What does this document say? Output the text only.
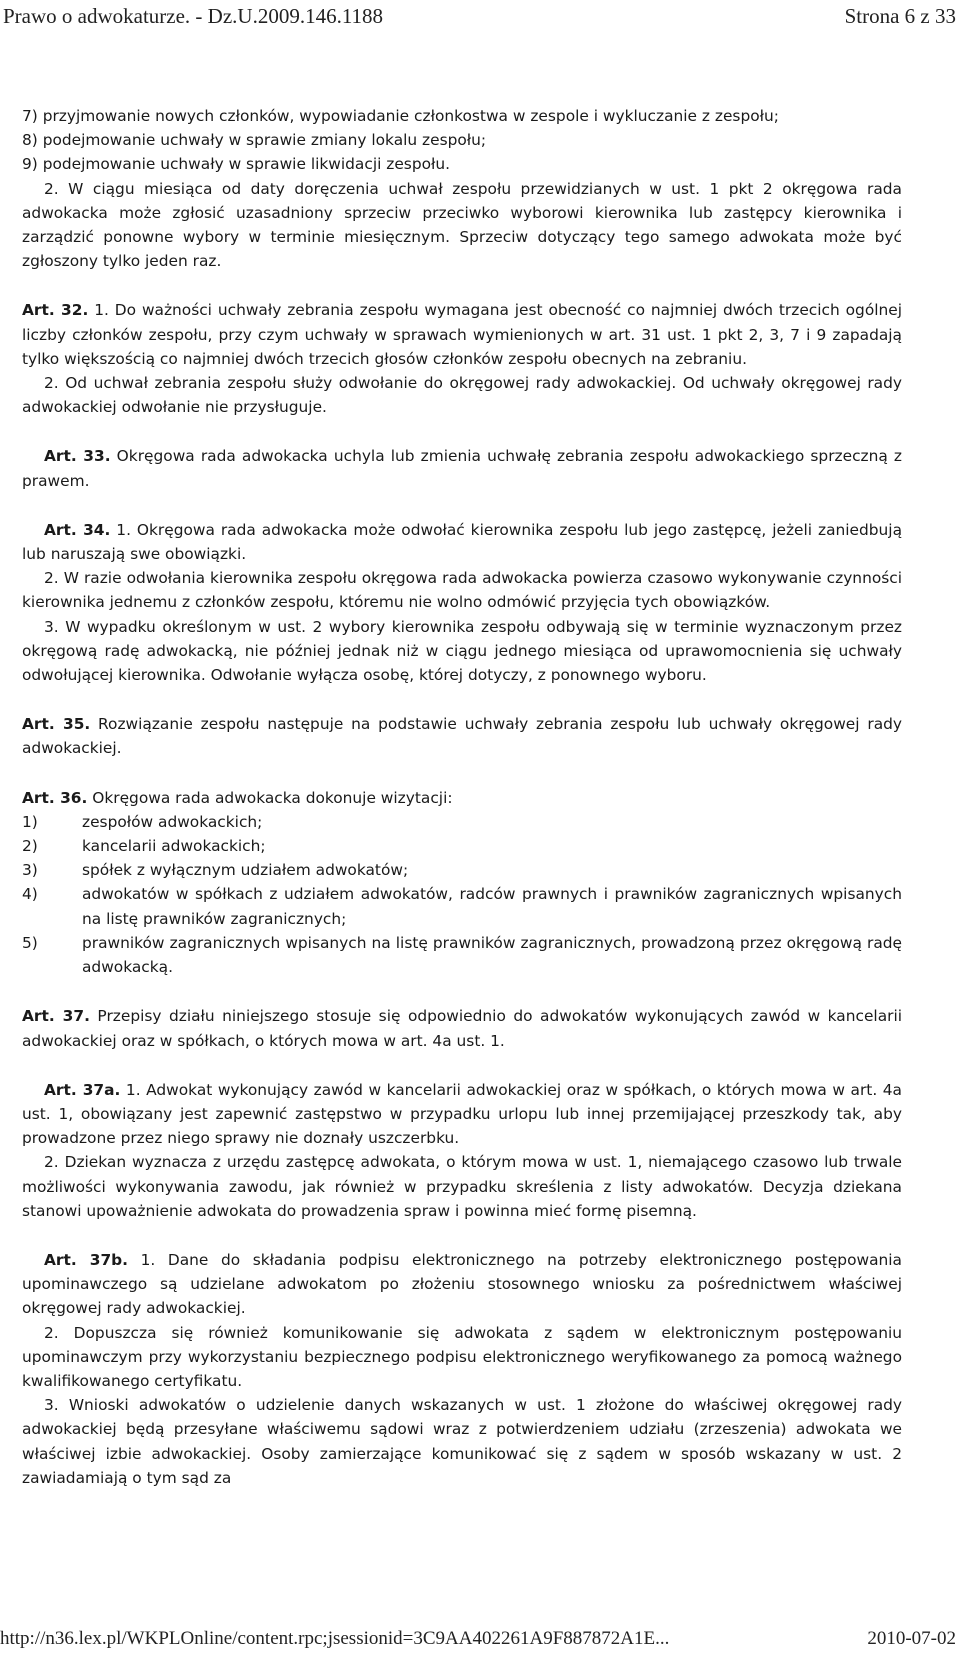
Prawo o adwokaturze. - Dz.U.2009.146.1188	Strona 6 z 33

7) przyjmowanie nowych członków, wypowiadanie członkostwa w zespole i wykluczanie z zespołu;

8) podejmowanie uchwały w sprawie zmiany lokalu zespołu;

9) podejmowanie uchwały w sprawie likwidacji zespołu.

2. W ciągu miesiąca od daty doręczenia uchwał zespołu przewidzianych w ust. 1 pkt 2 okręgowa rada adwokacka może zgłosić uzasadniony sprzeciw przeciwko wyborowi kierownika lub zastępcy kierownika i zarządzić ponowne wybory w terminie miesięcznym. Sprzeciw dotyczący tego samego adwokata może być zgłoszony tylko jeden raz.

Art. 32. 1. Do ważności uchwały zebrania zespołu wymagana jest obecność co najmniej dwóch trzecich ogólnej liczby członków zespołu, przy czym uchwały w sprawach wymienionych w art. 31 ust. 1 pkt 2, 3, 7 i 9 zapadają tylko większością co najmniej dwóch trzecich głosów członków zespołu obecnych na zebraniu.

2. Od uchwał zebrania zespołu służy odwołanie do okręgowej rady adwokackiej. Od uchwały okręgowej rady adwokackiej odwołanie nie przysługuje.

Art. 33. Okręgowa rada adwokacka uchyla lub zmienia uchwałę zebrania zespołu adwokackiego sprzeczną z prawem.

Art. 34. 1. Okręgowa rada adwokacka może odwołać kierownika zespołu lub jego zastępcę, jeżeli zaniedbują lub naruszają swe obowiązki.

2. W razie odwołania kierownika zespołu okręgowa rada adwokacka powierza czasowo wykonywanie czynności kierownika jednemu z członków zespołu, któremu nie wolno odmówić przyjęcia tych obowiązków.

3. W wypadku określonym w ust. 2 wybory kierownika zespołu odbywają się w terminie wyznaczonym przez okręgową radę adwokacką, nie później jednak niż w ciągu jednego miesiąca od uprawomocnienia się uchwały odwołującej kierownika. Odwołanie wyłącza osobę, której dotyczy, z ponownego wyboru.

Art. 35. Rozwiązanie zespołu następuje na podstawie uchwały zebrania zespołu lub uchwały okręgowej rady adwokackiej.

Art. 36. Okręgowa rada adwokacka dokonuje wizytacji:

1)	zespołów adwokackich;
2)	kancelarii adwokackich;
3)	spółek z wyłącznym udziałem adwokatów;
4)	adwokatów w spółkach z udziałem adwokatów, radców prawnych i prawników zagranicznych wpisanych na listę prawników zagranicznych;
5)	prawników zagranicznych wpisanych na listę prawników zagranicznych, prowadzoną przez okręgową radę adwokacką.

Art. 37. Przepisy działu niniejszego stosuje się odpowiednio do adwokatów wykonujących zawód w kancelarii adwokackiej oraz w spółkach, o których mowa w art. 4a ust. 1.

Art. 37a. 1. Adwokat wykonujący zawód w kancelarii adwokackiej oraz w spółkach, o których mowa w art. 4a ust. 1, obowiązany jest zapewnić zastępstwo w przypadku urlopu lub innej przemijającej przeszkody tak, aby prowadzone przez niego sprawy nie doznały uszczerbku.

2. Dziekan wyznacza z urzędu zastępcę adwokata, o którym mowa w ust. 1, niemającego czasowo lub trwale możliwości wykonywania zawodu, jak również w przypadku skreślenia z listy adwokatów. Decyzja dziekana stanowi upoważnienie adwokata do prowadzenia spraw i powinna mieć formę pisemną.

Art. 37b. 1. Dane do składania podpisu elektronicznego na potrzeby elektronicznego postępowania upominawczego są udzielane adwokatom po złożeniu stosownego wniosku za pośrednictwem właściwej okręgowej rady adwokackiej.

2. Dopuszcza się również komunikowanie się adwokata z sądem w elektronicznym postępowaniu upominawczym przy wykorzystaniu bezpiecznego podpisu elektronicznego weryfikowanego za pomocą ważnego kwalifikowanego certyfikatu.

3. Wnioski adwokatów o udzielenie danych wskazanych w ust. 1 złożone do właściwej okręgowej rady adwokackiej będą przesyłane właściwemu sądowi wraz z potwierdzeniem udziału (zrzeszenia) adwokata we właściwej izbie adwokackiej. Osoby zamierzające komunikować się z sądem w sposób wskazany w ust. 2 zawiadamiają o tym sąd za

http://n36.lex.pl/WKPLOnline/content.rpc;jsessionid=3C9AA402261A9F887872A1E...	2010-07-02
